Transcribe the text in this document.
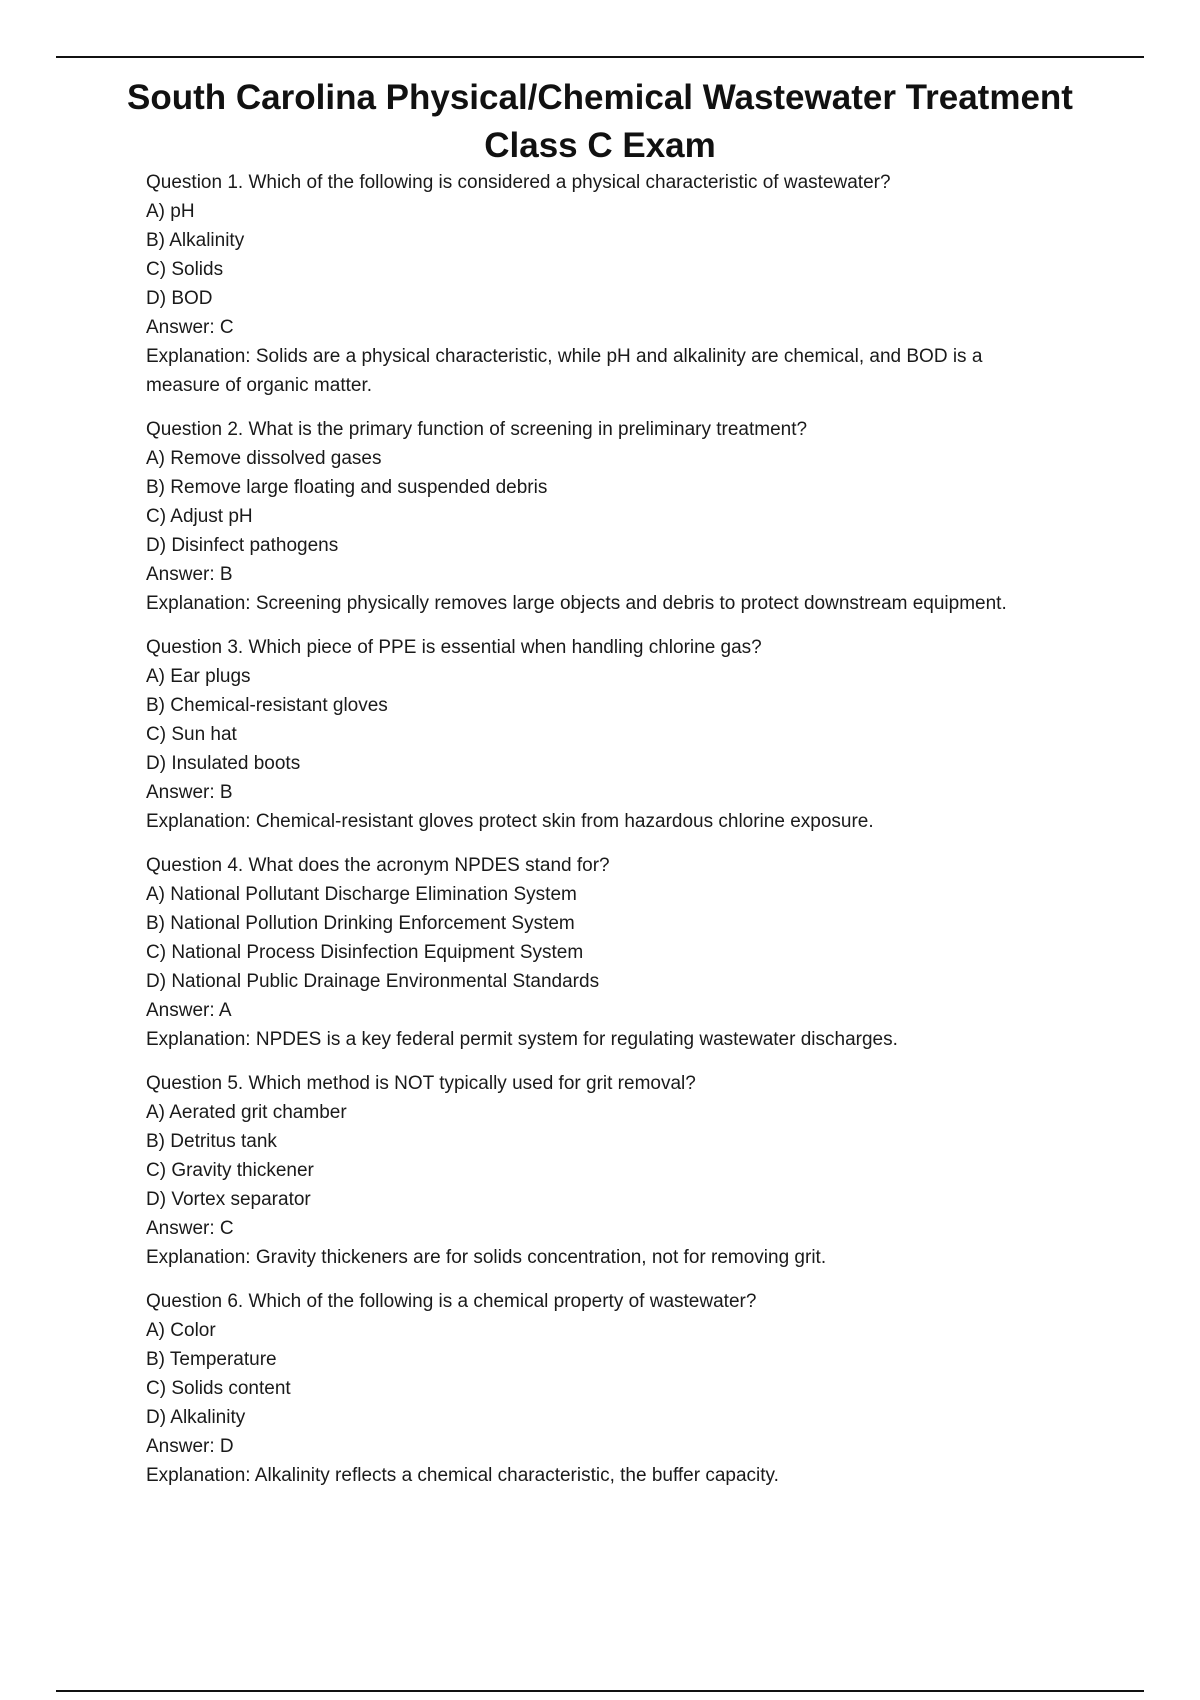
South Carolina Physical/Chemical Wastewater Treatment Class C Exam
Question 1. Which of the following is considered a physical characteristic of wastewater?
A) pH
B) Alkalinity
C) Solids
D) BOD
Answer: C
Explanation: Solids are a physical characteristic, while pH and alkalinity are chemical, and BOD is a measure of organic matter.
Question 2. What is the primary function of screening in preliminary treatment?
A) Remove dissolved gases
B) Remove large floating and suspended debris
C) Adjust pH
D) Disinfect pathogens
Answer: B
Explanation: Screening physically removes large objects and debris to protect downstream equipment.
Question 3. Which piece of PPE is essential when handling chlorine gas?
A) Ear plugs
B) Chemical-resistant gloves
C) Sun hat
D) Insulated boots
Answer: B
Explanation: Chemical-resistant gloves protect skin from hazardous chlorine exposure.
Question 4. What does the acronym NPDES stand for?
A) National Pollutant Discharge Elimination System
B) National Pollution Drinking Enforcement System
C) National Process Disinfection Equipment System
D) National Public Drainage Environmental Standards
Answer: A
Explanation: NPDES is a key federal permit system for regulating wastewater discharges.
Question 5. Which method is NOT typically used for grit removal?
A) Aerated grit chamber
B) Detritus tank
C) Gravity thickener
D) Vortex separator
Answer: C
Explanation: Gravity thickeners are for solids concentration, not for removing grit.
Question 6. Which of the following is a chemical property of wastewater?
A) Color
B) Temperature
C) Solids content
D) Alkalinity
Answer: D
Explanation: Alkalinity reflects a chemical characteristic, the buffer capacity.
